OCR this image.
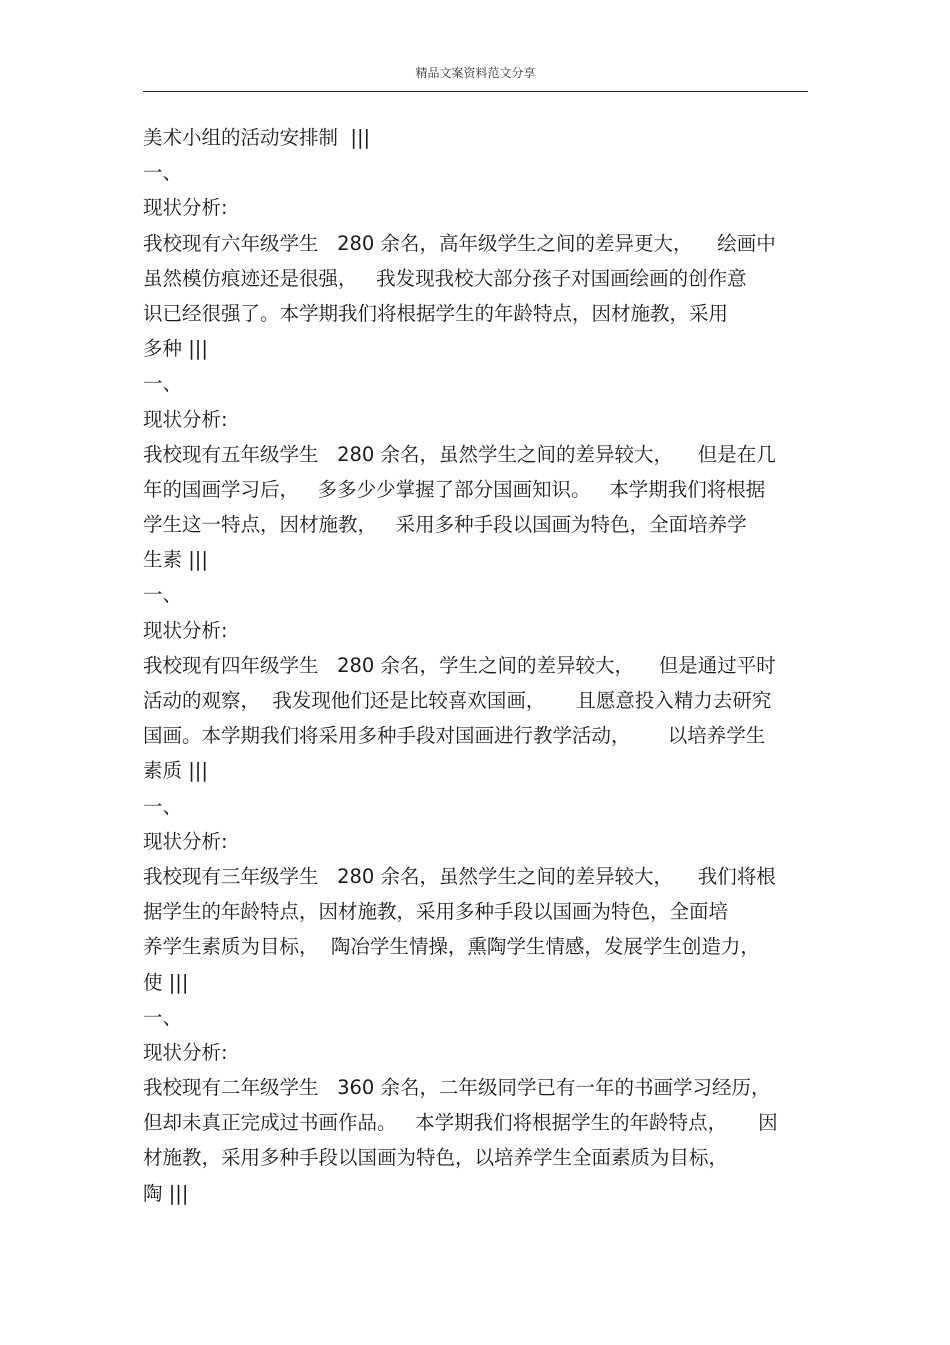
精品文案资料范文分享
美术小组的活动安排制  |||
一、
现状分析:
我校现有六年级学生   280 余名，高年级学生之间的差异更大，    绘画中
虽然模仿痕迹还是很强，   我发现我校大部分孩子对国画绘画的创作意
识已经很强了。本学期我们将根据学生的年龄特点，因材施教，采用
多种 |||
一、
现状分析:
我校现有五年级学生   280 余名，虽然学生之间的差异较大，    但是在几
年的国画学习后，   多多少少掌握了部分国画知识。   本学期我们将根据
学生这一特点，因材施教，   采用多种手段以国画为特色，全面培养学
生素 |||
一、
现状分析:
我校现有四年级学生   280 余名，学生之间的差异较大，    但是通过平时
活动的观察，  我发现他们还是比较喜欢国画，     且愿意投入精力去研究
国画。本学期我们将采用多种手段对国画进行教学活动，      以培养学生
素质 |||
一、
现状分析:
我校现有三年级学生   280 余名，虽然学生之间的差异较大，    我们将根
据学生的年龄特点，因材施教，采用多种手段以国画为特色，全面培
养学生素质为目标，  陶冶学生情操，熏陶学生情感，发展学生创造力，
使 |||
一、
现状分析:
我校现有二年级学生   360 余名，二年级同学已有一年的书画学习经历，
但却未真正完成过书画作品。   本学期我们将根据学生的年龄特点，     因
材施教，采用多种手段以国画为特色，以培养学生全面素质为目标，
陶 |||
